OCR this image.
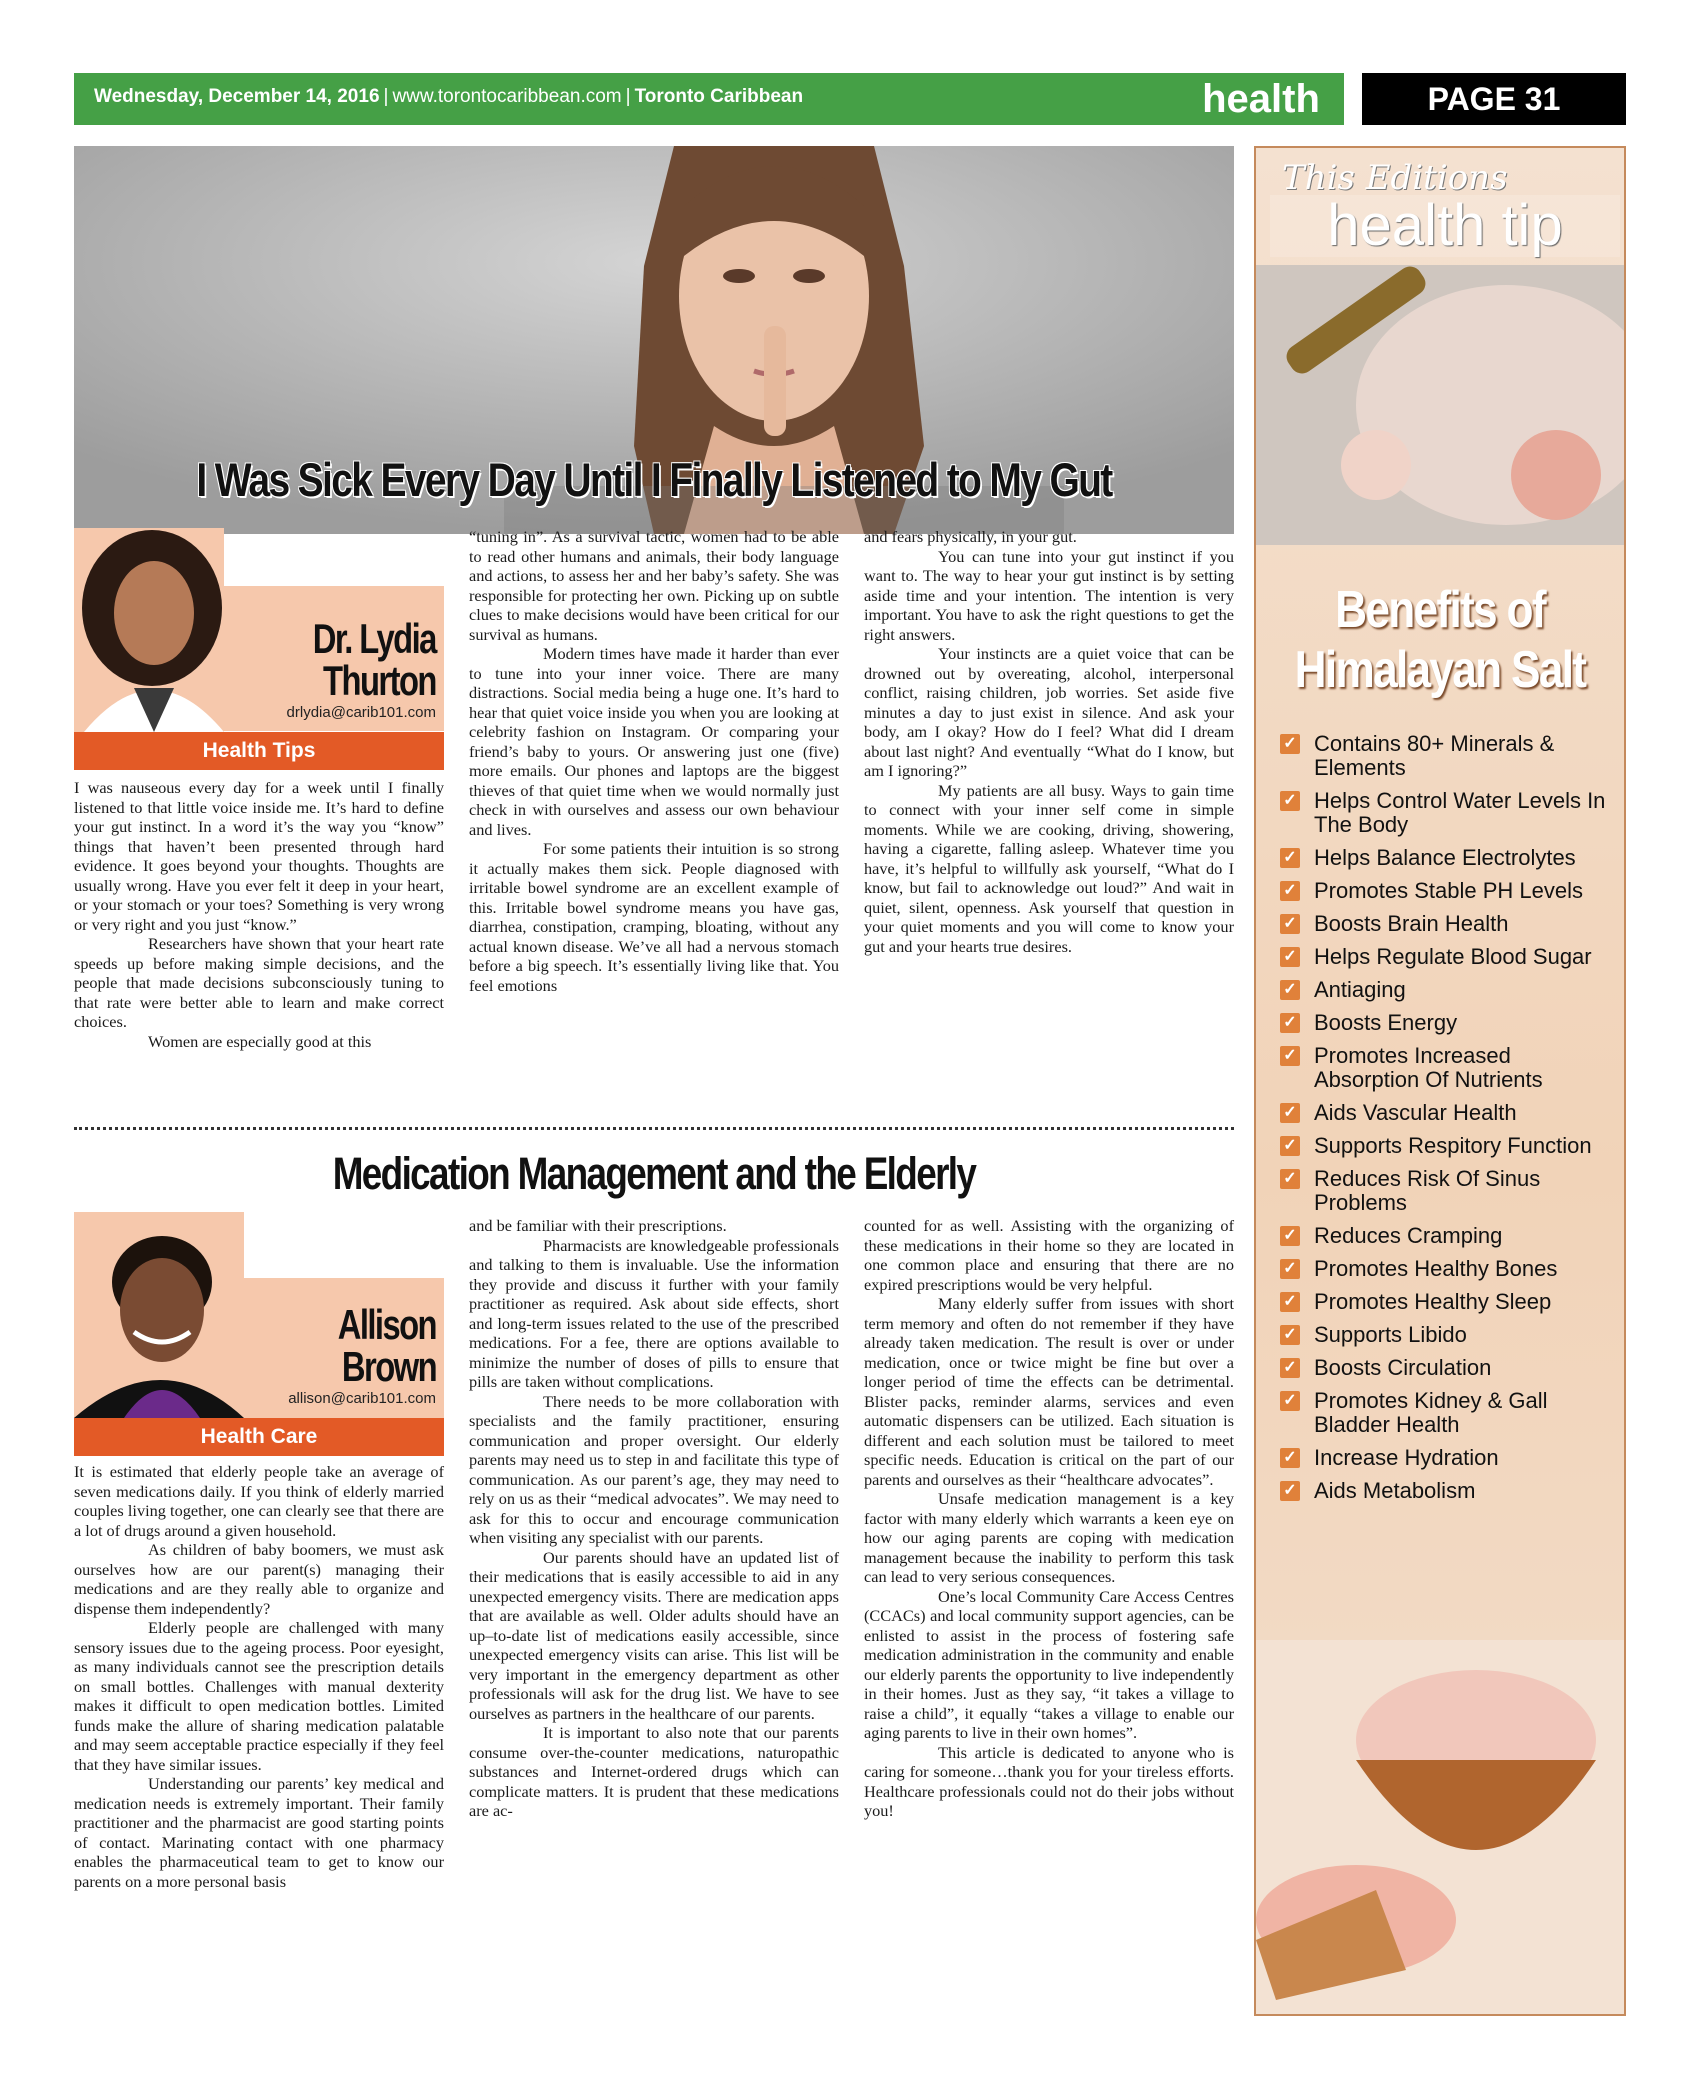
Wednesday, December 14, 2016 | www.torontocaribbean.com | Toronto Caribbean	health	PAGE 31
I Was Sick Every Day Until I Finally Listened to My Gut
Dr. Lydia
Thurton
drlydia@carib101.com
Health Tips

I was nauseous every day for a week until I finally listened to that little voice inside me. It’s hard to define your gut instinct. In a word it’s the way you “know” things that haven’t been presented through hard evidence. It goes beyond your thoughts. Thoughts are usually wrong. Have you ever felt it deep in your heart, or your stomach or your toes? Something is very wrong or very right and you just “know.”

Researchers have shown that your heart rate speeds up before making simple decisions, and the people that made decisions subconsciously tuning to that rate were better able to learn and make correct choices.

Women are especially good at this

“tuning in”. As a survival tactic, women had to be able to read other humans and animals, their body language and actions, to assess her and her baby’s safety. She was responsible for protecting her own. Picking up on subtle clues to make decisions would have been critical for our survival as humans.

Modern times have made it harder than ever to tune into your inner voice. There are many distractions. Social media being a huge one. It’s hard to hear that quiet voice inside you when you are looking at celebrity fashion on Instagram. Or comparing your friend’s baby to yours. Or answering just one (five) more emails. Our phones and laptops are the biggest thieves of that quiet time when we would normally just check in with ourselves and assess our own behaviour and lives.

For some patients their intuition is so strong it actually makes them sick. People diagnosed with irritable bowel syndrome are an excellent example of this. Irritable bowel syndrome means you have gas, diarrhea, constipation, cramping, bloating, without any actual known disease. We’ve all had a nervous stomach before a big speech. It’s essentially living like that. You feel emotions

and fears physically, in your gut.

You can tune into your gut instinct if you want to. The way to hear your gut instinct is by setting aside time and your intention. The intention is very important. You have to ask the right questions to get the right answers.

Your instincts are a quiet voice that can be drowned out by overeating, alcohol, interpersonal conflict, raising children, job worries. Set aside five minutes a day to just exist in silence. And ask your body, am I okay? How do I feel? What did I dream about last night? And eventually “What do I know, but am I ignoring?”

My patients are all busy. Ways to gain time to connect with your inner self come in simple moments. While we are cooking, driving, showering, having a cigarette, falling asleep. Whatever time you have, it’s helpful to willfully ask yourself, “What do I know, but fail to acknowledge out loud?” And wait in quiet, silent, openness. Ask yourself that question in your quiet moments and you will come to know your gut and your hearts true desires.

Medication Management and the Elderly
Allison
Brown
allison@carib101.com
Health Care

It is estimated that elderly people take an average of seven medications daily. If you think of elderly married couples living together, one can clearly see that there are a lot of drugs around a given household.

As children of baby boomers, we must ask ourselves how are our parent(s) managing their medications and are they really able to organize and dispense them independently?

Elderly people are challenged with many sensory issues due to the ageing process. Poor eyesight, as many individuals cannot see the prescription details on small bottles. Challenges with manual dexterity makes it difficult to open medication bottles. Limited funds make the allure of sharing medication palatable and may seem acceptable practice especially if they feel that they have similar issues.

Understanding our parents’ key medical and medication needs is extremely important. Their family practitioner and the pharmacist are good starting points of contact. Marinating contact with one pharmacy enables the pharmaceutical team to get to know our parents on a more personal basis

and be familiar with their prescriptions.

Pharmacists are knowledgeable professionals and talking to them is invaluable. Use the information they provide and discuss it further with your family practitioner as required. Ask about side effects, short and long-term issues related to the use of the prescribed medications. For a fee, there are options available to minimize the number of doses of pills to ensure that pills are taken without complications.

There needs to be more collaboration with specialists and the family practitioner, ensuring communication and proper oversight. Our elderly parents may need us to step in and facilitate this type of communication. As our parent’s age, they may need to rely on us as their “medical advocates”. We may need to ask for this to occur and encourage communication when visiting any specialist with our parents.

Our parents should have an updated list of their medications that is easily accessible to aid in any unexpected emergency visits. There are medication apps that are available as well. Older adults should have an up–to-date list of medications easily accessible, since unexpected emergency visits can arise. This list will be very important in the emergency department as other professionals will ask for the drug list. We have to see ourselves as partners in the healthcare of our parents.

It is important to also note that our parents consume over-the-counter medications, naturopathic substances and Internet-ordered drugs which can complicate matters. It is prudent that these medications are ac-

counted for as well. Assisting with the organizing of these medications in their home so they are located in one common place and ensuring that there are no expired prescriptions would be very helpful.

Many elderly suffer from issues with short term memory and often do not remember if they have already taken medication. The result is over or under medication, once or twice might be fine but over a longer period of time the effects can be detrimental. Blister packs, reminder alarms, services and even automatic dispensers can be utilized. Each situation is different and each solution must be tailored to meet specific needs. Education is critical on the part of our parents and ourselves as their “healthcare advocates”.

Unsafe medication management is a key factor with many elderly which warrants a keen eye on how our aging parents are coping with medication management because the inability to perform this task can lead to very serious consequences.

One’s local Community Care Access Centres (CCACs) and local community support agencies, can be enlisted to assist in the process of fostering safe medication administration in the community and enable our elderly parents the opportunity to live independently in their homes. Just as they say, “it takes a village to raise a child”, it equally “takes a village to enable our aging parents to live in their own homes”.

This article is dedicated to anyone who is caring for someone…thank you for your tireless efforts. Healthcare professionals could not do their jobs without you!

This Editions
health tip
Benefits of
Himalayan Salt
✓ Contains 80+ Minerals & Elements
✓ Helps Control Water Levels In The Body
✓ Helps Balance Electrolytes
✓ Promotes Stable PH Levels
✓ Boosts Brain Health
✓ Helps Regulate Blood Sugar
✓ Antiaging
✓ Boosts Energy
✓ Promotes Increased Absorption Of Nutrients
✓ Aids Vascular Health
✓ Supports Respitory Function
✓ Reduces Risk Of Sinus Problems
✓ Reduces Cramping
✓ Promotes Healthy Bones
✓ Promotes Healthy Sleep
✓ Supports Libido
✓ Boosts Circulation
✓ Promotes Kidney & Gall Bladder Health
✓ Increase Hydration
✓ Aids Metabolism
